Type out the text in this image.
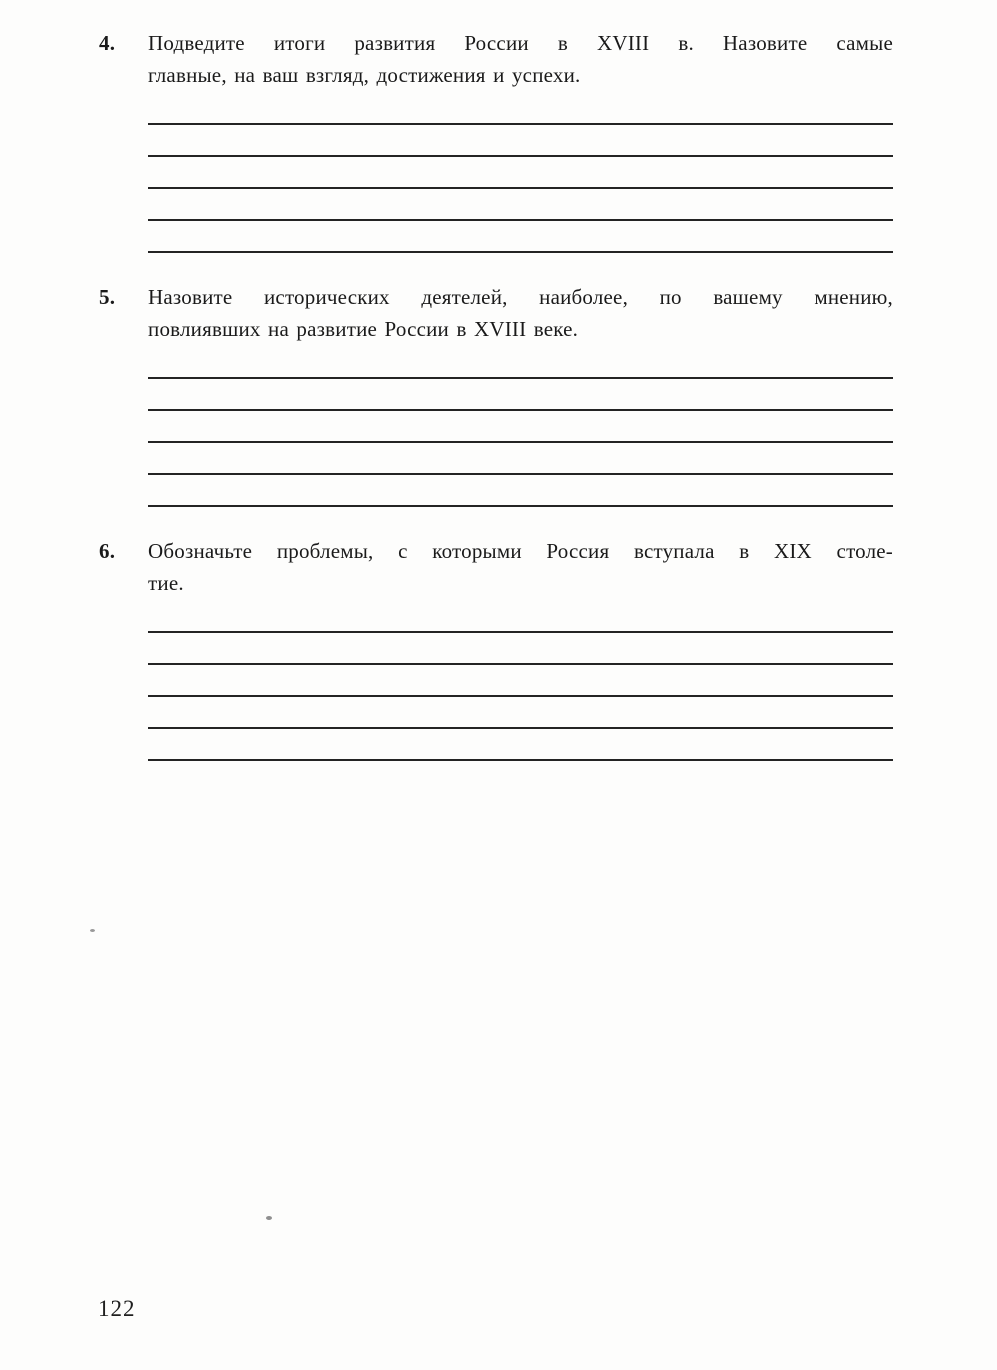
4.	Подведите итоги развития России в XVIII в. Назовите самые
главные, на ваш взгляд, достижения и успехи.
5.	Назовите исторических деятелей, наиболее, по вашему мнению,
повлиявших на развитие России в XVIII веке.
6.	Обозначьте проблемы, с которыми Россия вступала в XIX столе-
тие.
122
